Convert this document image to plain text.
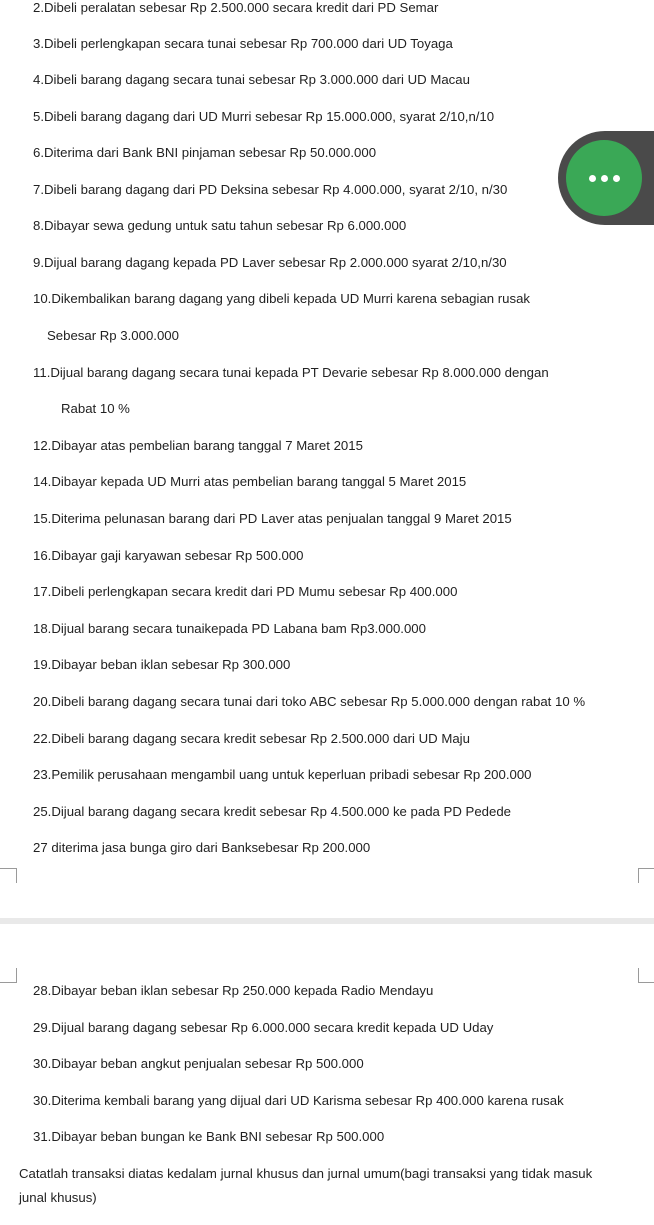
2.Dibeli peralatan sebesar Rp 2.500.000 secara kredit dari PD Semar
3.Dibeli perlengkapan secara tunai sebesar Rp 700.000 dari UD Toyaga
4.Dibeli barang dagang secara tunai sebesar Rp 3.000.000 dari UD Macau
5.Dibeli barang dagang dari UD Murri sebesar Rp 15.000.000, syarat 2/10,n/10
6.Diterima dari Bank BNI pinjaman sebesar Rp 50.000.000
7.Dibeli barang dagang dari PD Deksina sebesar Rp 4.000.000, syarat 2/10, n/30
8.Dibayar sewa gedung untuk satu tahun sebesar Rp 6.000.000
9.Dijual barang dagang kepada PD Laver sebesar Rp 2.000.000 syarat 2/10,n/30
10.Dikembalikan barang dagang yang dibeli kepada UD Murri karena sebagian rusak
Sebesar Rp 3.000.000
11.Dijual barang dagang secara tunai kepada PT Devarie sebesar Rp 8.000.000 dengan
Rabat 10 %
12.Dibayar atas pembelian barang tanggal 7 Maret 2015
14.Dibayar kepada UD Murri atas pembelian barang tanggal 5 Maret 2015
15.Diterima pelunasan barang dari PD Laver atas penjualan tanggal 9 Maret 2015
16.Dibayar gaji karyawan sebesar Rp 500.000
17.Dibeli perlengkapan secara kredit dari PD Mumu sebesar Rp 400.000
18.Dijual barang secara tunaikepada PD Labana bam Rp3.000.000
19.Dibayar beban iklan sebesar Rp 300.000
20.Dibeli barang dagang secara tunai dari toko ABC sebesar Rp 5.000.000 dengan rabat 10 %
22.Dibeli barang dagang secara kredit sebesar Rp 2.500.000 dari UD Maju
23.Pemilik perusahaan mengambil uang untuk keperluan pribadi sebesar Rp 200.000
25.Dijual barang dagang secara kredit sebesar Rp 4.500.000 ke pada PD Pedede
27 diterima jasa bunga giro dari Banksebesar Rp 200.000
28.Dibayar beban iklan sebesar Rp 250.000 kepada Radio Mendayu
29.Dijual barang dagang sebesar Rp 6.000.000 secara kredit kepada UD Uday
30.Dibayar beban angkut penjualan sebesar Rp 500.000
30.Diterima kembali barang yang dijual dari UD Karisma sebesar Rp 400.000 karena rusak
31.Dibayar beban bungan ke Bank BNI sebesar Rp 500.000
Catatlah transaksi diatas kedalam jurnal khusus dan jurnal umum(bagi transaksi yang tidak masuk
junal khusus)
